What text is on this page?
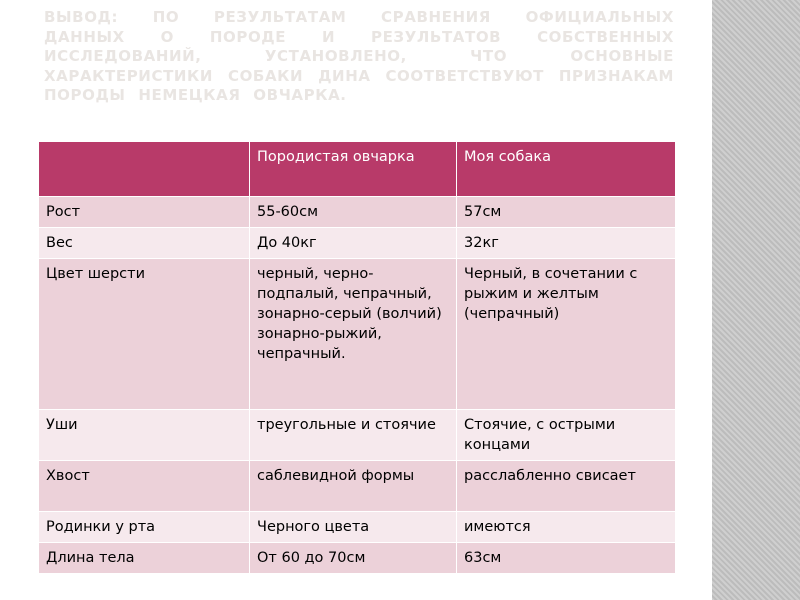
ВЫВОД: ПО РЕЗУЛЬТАТАМ СРАВНЕНИЯ ОФИЦИАЛЬНЫХ ДАННЫХ О ПОРОДЕ И РЕЗУЛЬТАТОВ СОБСТВЕННЫХ ИССЛЕДОВАНИЙ, УСТАНОВЛЕНО, ЧТО ОСНОВНЫЕ ХАРАКТЕРИСТИКИ СОБАКИ ДИНА СООТВЕТСТВУЮТ ПРИЗНАКАМ ПОРОДЫ НЕМЕЦКАЯ ОВЧАРКА.
	Породистая овчарка	Моя собака
Рост	55-60см	57см
Вес	До 40кг	32кг
Цвет шерсти	черный, черно-подпалый, чепрачный, зонарно-серый (волчий) зонарно-рыжий, чепрачный.	Черный, в сочетании с рыжим и желтым (чепрачный)
Уши	треугольные и стоячие	Стоячие, с острыми концами
Хвост	саблевидной формы	расслабленно свисает
Родинки у рта	Черного цвета	имеются
Длина тела	От 60 до 70см	63см
